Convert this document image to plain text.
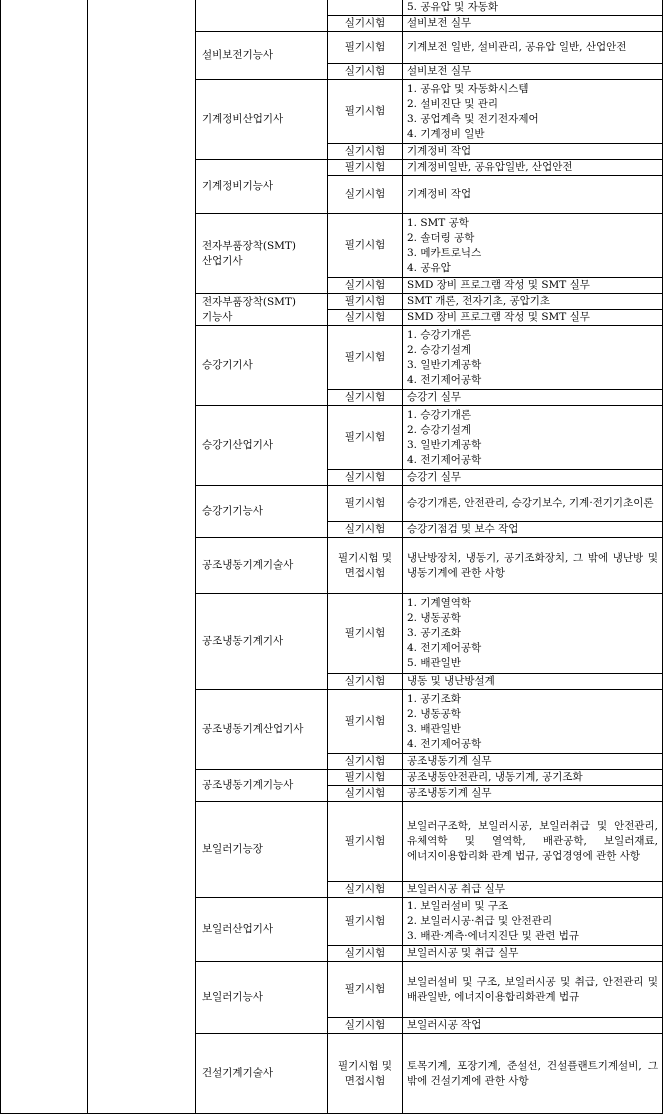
				5. 공유압 및 자동화

			실기시험	설비보전 실무

		설비보전기능사	필기시험	기계보전 일반, 설비관리, 공유압 일반, 산업안전

			실기시험	설비보전 실무

		기계정비산업기사	필기시험	1. 공유압 및 자동화시스템
2. 설비진단 및 관리
3. 공업계측 및 전기전자제어
4. 기계정비 일반

			실기시험	기계정비 작업

		기계정비기능사	필기시험	기계정비일반, 공유압일반, 산업안전

			실기시험	기계정비 작업

		전자부품장착(SMT)산업기사	필기시험	1. SMT 공학
2. 솔더링 공학
3. 메카트로닉스
4. 공유압

			실기시험	SMD 장비 프로그램 작성 및 SMT 실무

		전자부품장착(SMT)기능사	필기시험	SMT 개론, 전자기초, 공압기초

			실기시험	SMD 장비 프로그램 작성 및 SMT 실무

		승강기기사	필기시험	1. 승강기개론
2. 승강기설계
3. 일반기계공학
4. 전기제어공학

			실기시험	승강기 실무

		승강기산업기사	필기시험	1. 승강기개론
2. 승강기설계
3. 일반기계공학
4. 전기제어공학

			실기시험	승강기 실무

		승강기기능사	필기시험	승강기개론, 안전관리, 승강기보수, 기계·전기기초이론

			실기시험	승강기점검 및 보수 작업

		공조냉동기계기술사	필기시험 및 면접시험	냉난방장치, 냉동기, 공기조화장치, 그 밖에 냉난방 및 냉동기계에 관한 사항

		공조냉동기계기사	필기시험	1. 기계열역학
2. 냉동공학
3. 공기조화
4. 전기제어공학
5. 배관일반

			실기시험	냉동 및 냉난방설계

		공조냉동기계산업기사	필기시험	1. 공기조화
2. 냉동공학
3. 배관일반
4. 전기제어공학

			실기시험	공조냉동기계 실무

		공조냉동기계기능사	필기시험	공조냉동안전관리, 냉동기계, 공기조화

			실기시험	공조냉동기계 실무

		보일러기능장	필기시험	보일러구조학, 보일러시공, 보일러취급 및 안전관리, 유체역학 및 열역학, 배관공학, 보일러재료, 에너지이용합리화 관계 법규, 공업경영에 관한 사항

			실기시험	보일러시공 취급 실무

		보일러산업기사	필기시험	1. 보일러설비 및 구조
2. 보일러시공·취급 및 안전관리
3. 배관·계측·에너지진단 및 관련 법규

			실기시험	보일러시공 및 취급 실무

		보일러기능사	필기시험	보일러설비 및 구조, 보일러시공 및 취급, 안전관리 및 배관일반, 에너지이용합리화관계 법규

			실기시험	보일러시공 작업

		건설기계기술사	필기시험 및 면접시험	토목기계, 포장기계, 준설선, 건설플랜트기계설비, 그 밖에 건설기계에 관한 사항
